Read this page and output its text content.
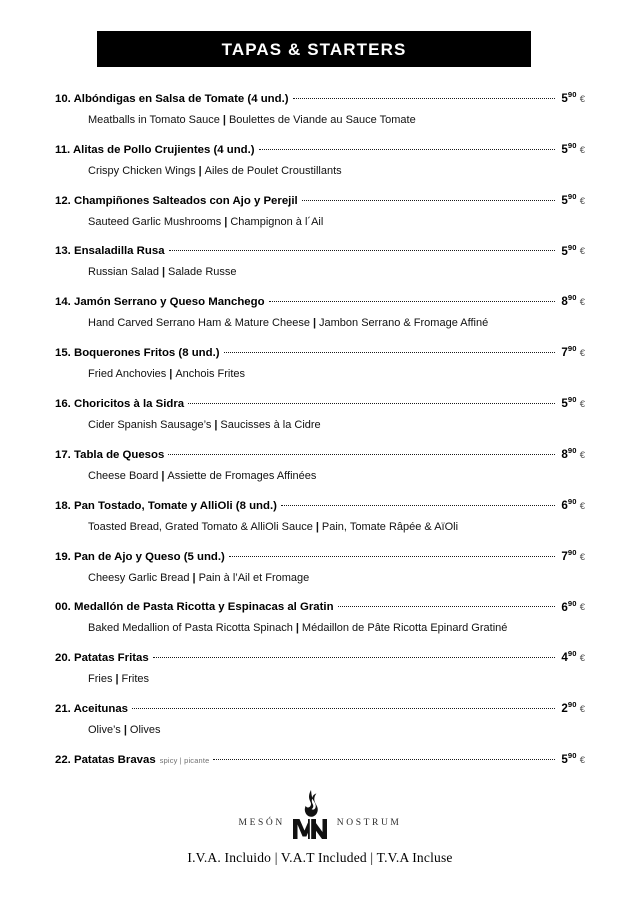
TAPAS & STARTERS
10. Albóndigas en Salsa de Tomate (4 und.)	$5^{90}$ €
Meatballs in Tomato Sauce | Boulettes de Viande au Sauce Tomate
11. Alitas de Pollo Crujientes (4 und.)	$5^{90}$ €
Crispy Chicken Wings | Ailes de Poulet Croustillants
12. Champiñones Salteados con Ajo y Perejil	$5^{90}$ €
Sauteed Garlic Mushrooms | Champignon à l´Ail
13. Ensaladilla Rusa	$5^{90}$ €
Russian Salad | Salade Russe
14. Jamón Serrano y Queso Manchego	$8^{90}$ €
Hand Carved Serrano Ham & Mature Cheese | Jambon Serrano & Fromage Affiné
15. Boquerones Fritos (8 und.)	$7^{90}$ €
Fried Anchovies | Anchois Frites
16. Choricitos à la Sidra	$5^{90}$ €
Cider Spanish Sausage’s | Saucisses à la Cidre
17. Tabla de Quesos	$8^{90}$ €
Cheese Board | Assiette de Fromages Affinées
18. Pan Tostado, Tomate y AlliOli (8 und.)	$6^{90}$ €
Toasted Bread, Grated Tomato & AlliOli Sauce | Pain, Tomate Râpée & AïOli
19. Pan de Ajo y Queso (5 und.)	$7^{90}$ €
Cheesy Garlic Bread | Pain à l’Ail et Fromage
00. Medallón de Pasta Ricotta y Espinacas al Gratin	$6^{90}$ €
Baked Medallion of Pasta Ricotta Spinach | Médaillon de Pâte Ricotta Epinard Gratiné
20. Patatas Fritas	$4^{90}$ €
Fries | Frites
21. Aceitunas	$2^{90}$ €
Olive’s | Olives
22. Patatas Bravas spicy | picante	$5^{90}$ €
MESÓN	NOSTRUM
I.V.A. Incluido | V.A.T Included | T.V.A Incluse
